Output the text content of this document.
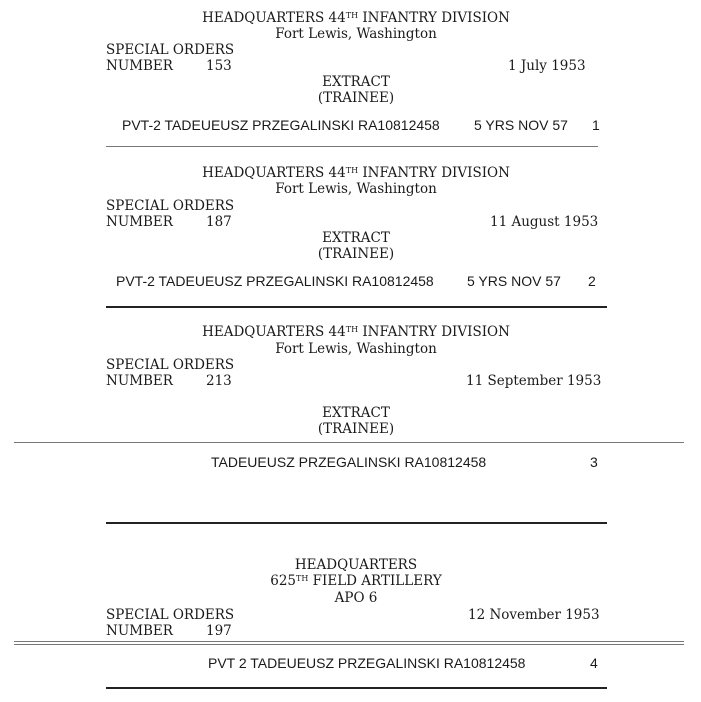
HEADQUARTERS 44TH INFANTRY DIVISION
Fort Lewis, Washington
SPECIAL ORDERS
NUMBER 153	1 July 1953
EXTRACT
(TRAINEE)
PVT-2 TADEUEUSZ PRZEGALINSKI RA10812458 5 YRS NOV 57 1
HEADQUARTERS 44TH INFANTRY DIVISION
Fort Lewis, Washington
SPECIAL ORDERS
NUMBER 187	11 August 1953
EXTRACT
(TRAINEE)
PVT-2 TADEUEUSZ PRZEGALINSKI RA10812458 5 YRS NOV 57 2
HEADQUARTERS 44TH INFANTRY DIVISION
Fort Lewis, Washington
SPECIAL ORDERS
NUMBER 213	11 September 1953
EXTRACT
(TRAINEE)
TADEUEUSZ PRZEGALINSKI RA10812458	3
HEADQUARTERS
625TH FIELD ARTILLERY
APO 6
SPECIAL ORDERS	12 November 1953
NUMBER 197
PVT 2 TADEUEUSZ PRZEGALINSKI RA10812458	4
